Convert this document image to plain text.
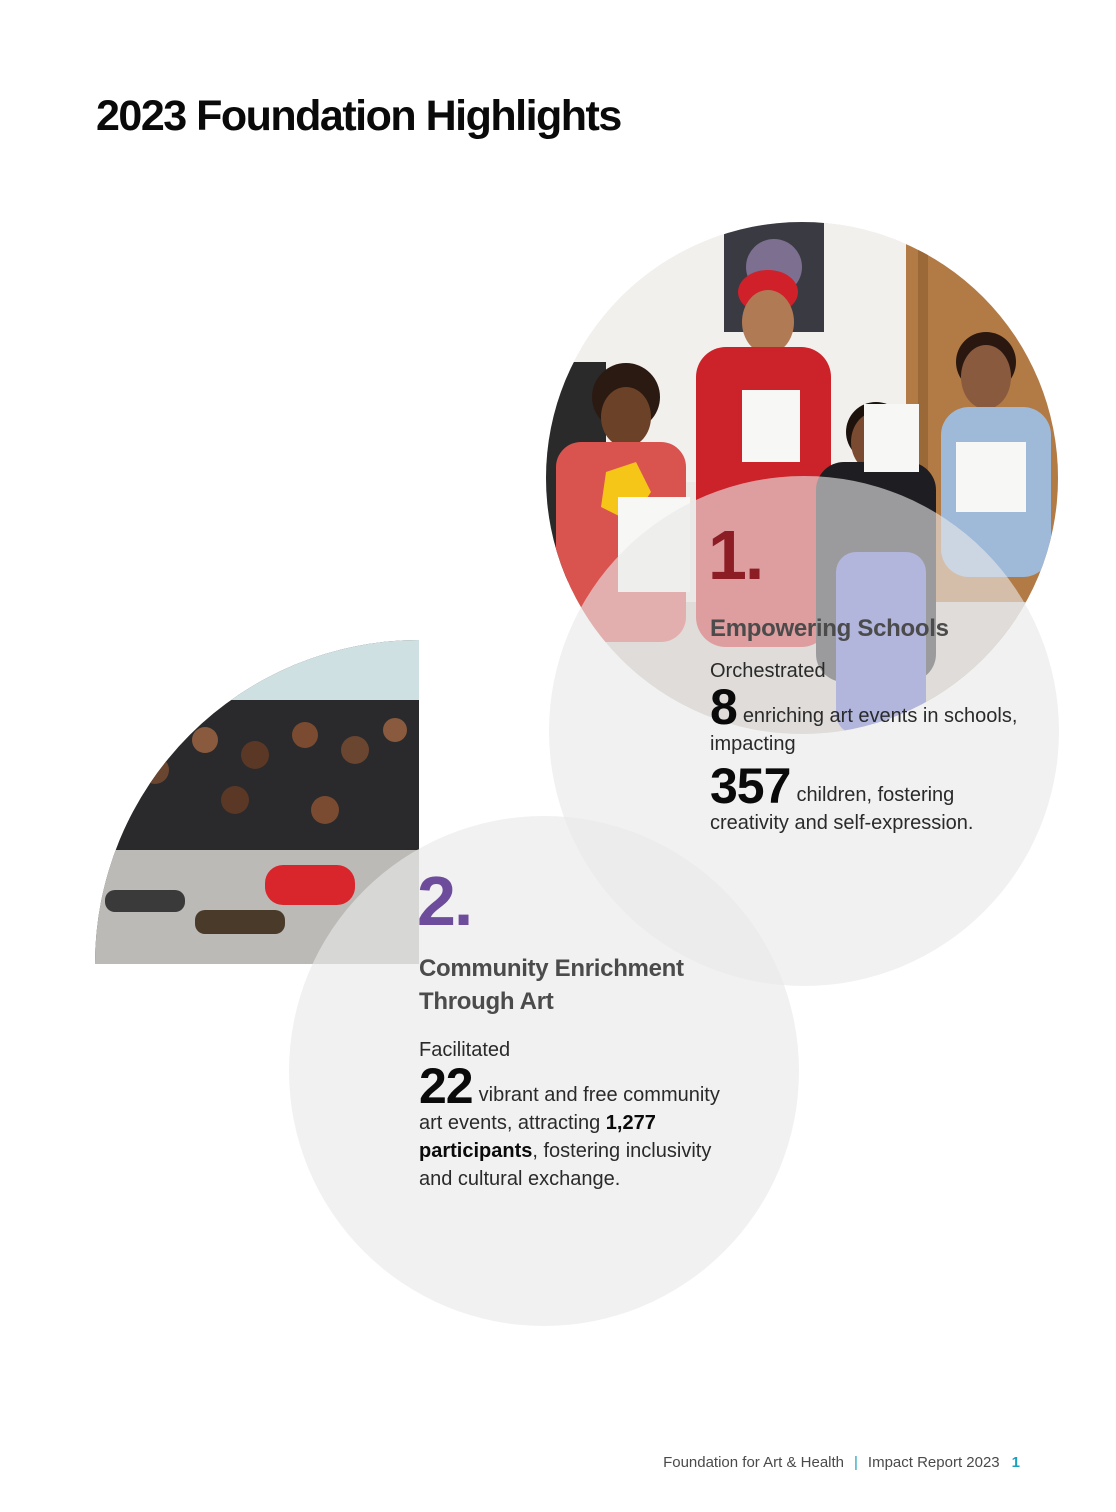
2023 Foundation Highlights
1.
Empowering Schools
Orchestrated
8 enriching art events in schools, impacting
357 children, fostering creativity and self-expression.
2.
Community Enrichment Through Art
Facilitated
22 vibrant and free community art events, attracting 1,277 participants, fostering inclusivity and cultural exchange.
Foundation for Art & Health | Impact Report 2023 1
